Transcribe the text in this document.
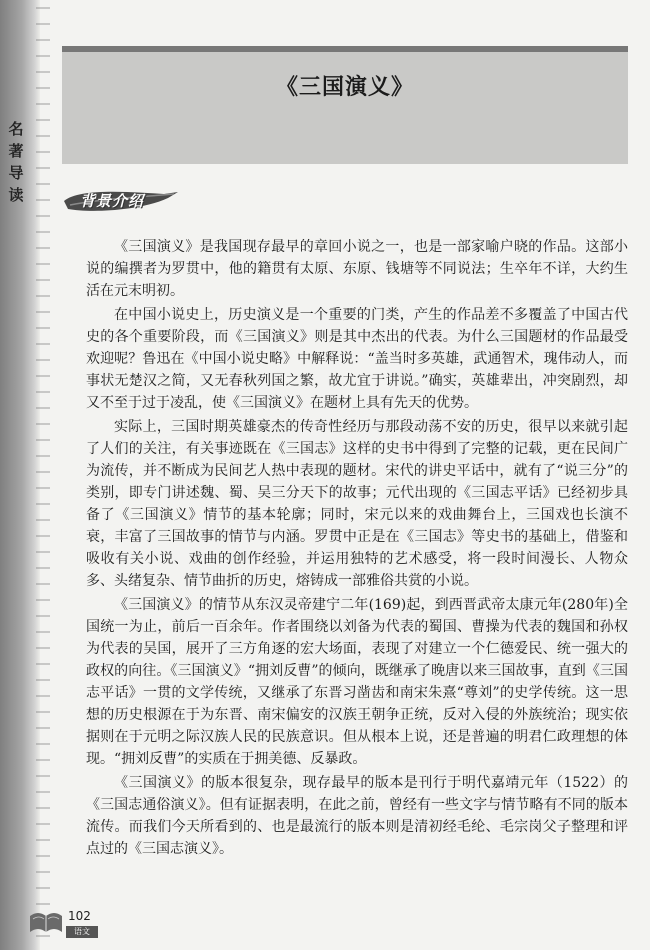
名
著
导
读
《三国演义》
背景介绍

《三国演义》是我国现存最早的章回小说之一，也是一部家喻户晓的作品。这部小说的编撰者为罗贯中，他的籍贯有太原、东原、钱塘等不同说法；生卒年不详，大约生活在元末明初。

在中国小说史上，历史演义是一个重要的门类，产生的作品差不多覆盖了中国古代史的各个重要阶段，而《三国演义》则是其中杰出的代表。为什么三国题材的作品最受欢迎呢？鲁迅在《中国小说史略》中解释说：“盖当时多英雄，武通智术，瑰伟动人，而事状无楚汉之简，又无春秋列国之繁，故尤宜于讲说。”确实，英雄辈出，冲突剧烈，却又不至于过于凌乱，使《三国演义》在题材上具有先天的优势。

实际上，三国时期英雄豪杰的传奇性经历与那段动荡不安的历史，很早以来就引起了人们的关注，有关事迹既在《三国志》这样的史书中得到了完整的记载，更在民间广为流传，并不断成为民间艺人热中表现的题材。宋代的讲史平话中，就有了“说三分”的类别，即专门讲述魏、蜀、吴三分天下的故事；元代出现的《三国志平话》已经初步具备了《三国演义》情节的基本轮廓；同时，宋元以来的戏曲舞台上，三国戏也长演不衰，丰富了三国故事的情节与内涵。罗贯中正是在《三国志》等史书的基础上，借鉴和吸收有关小说、戏曲的创作经验，并运用独特的艺术感受，将一段时间漫长、人物众多、头绪复杂、情节曲折的历史，熔铸成一部雅俗共赏的小说。

《三国演义》的情节从东汉灵帝建宁二年(169)起，到西晋武帝太康元年(280年)全国统一为止，前后一百余年。作者围绕以刘备为代表的蜀国、曹操为代表的魏国和孙权为代表的吴国，展开了三方角逐的宏大场面，表现了对建立一个仁德爱民、统一强大的政权的向往。《三国演义》“拥刘反曹”的倾向，既继承了晚唐以来三国故事，直到《三国志平话》一贯的文学传统，又继承了东晋习凿齿和南宋朱熹“尊刘”的史学传统。这一思想的历史根源在于为东晋、南宋偏安的汉族王朝争正统，反对入侵的外族统治；现实依据则在于元明之际汉族人民的民族意识。但从根本上说，还是普遍的明君仁政理想的体现。“拥刘反曹”的实质在于拥美德、反暴政。

《三国演义》的版本很复杂，现存最早的版本是刊行于明代嘉靖元年（1522）的《三国志通俗演义》。但有证据表明，在此之前，曾经有一些文字与情节略有不同的版本流传。而我们今天所看到的、也是最流行的版本则是清初经毛纶、毛宗岗父子整理和评点过的《三国志演义》。

102
语文
